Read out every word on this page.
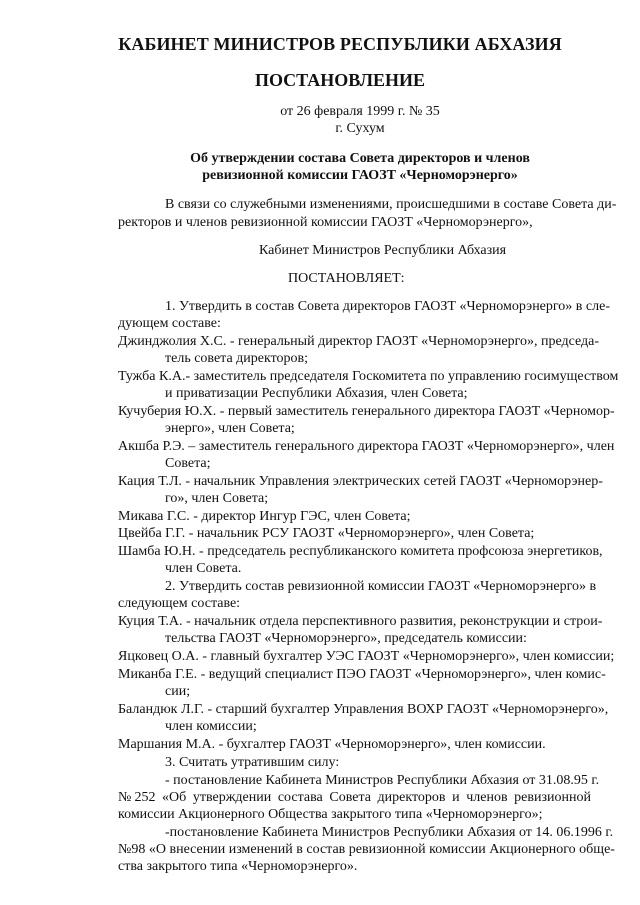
КАБИНЕТ МИНИСТРОВ РЕСПУБЛИКИ АБХАЗИЯ
ПОСТАНОВЛЕНИЕ
от 26 февраля 1999 г. № 35
г. Сухум
Об утверждении состава Совета директоров и членов
ревизионной комиссии ГАОЗТ «Черноморэнерго»
В связи со служебными изменениями, происшедшими в составе Совета ди-
ректоров и членов ревизионной комиссии ГАОЗТ «Черноморэнерго»,
Кабинет Министров Республики Абхазия
ПОСТАНОВЛЯЕТ:
1. Утвердить в состав Совета директоров ГАОЗТ «Черноморэнерго» в сле-
дующем составе:
Джинджолия Х.С. - генеральный директор ГАОЗТ «Черноморэнерго», председа-
тель совета директоров;
Тужба К.А.- заместитель председателя Госкомитета по управлению госимуществом
и приватизации Республики Абхазия, член Совета;
Кучуберия Ю.Х. - первый заместитель генерального директора ГАОЗТ «Черномор-
энерго», член Совета;
Акшба Р.Э. – заместитель генерального директора ГАОЗТ «Черноморэнерго», член
Совета;
Кация Т.Л. - начальник Управления электрических сетей ГАОЗТ «Черноморэнер-
го», член Совета;
Микава Г.С. - директор Ингур ГЭС, член Совета;
Цвейба Г.Г. - начальник РСУ ГАОЗТ «Черноморэнерго», член Совета;
Шамба Ю.Н. - председатель республиканского комитета профсоюза энергетиков,
член Совета.
2. Утвердить состав ревизионной комиссии ГАОЗТ «Черноморэнерго» в
следующем составе:
Куция Т.А. - начальник отдела перспективного развития, реконструкции и строи-
тельства ГАОЗТ «Черноморэнерго», председатель комиссии:
Яцковец О.А. - главный бухгалтер УЭС ГАОЗТ «Черноморэнерго», член комиссии;
Миканба Г.Е. - ведущий специалист ПЭО ГАОЗТ «Черноморэнерго», член комис-
сии;
Баландюк Л.Г. - старший бухгалтер Управления ВОХР ГАОЗТ «Черноморэнерго»,
член комиссии;
Маршания М.А. - бухгалтер ГАОЗТ «Черноморэнерго», член комиссии.
3. Считать утратившим силу:
- постановление Кабинета Министров Республики Абхазия от 31.08.95 г.
№252 «Об утверждении состава Совета директоров и членов ревизионной
комиссии Акционерного Общества закрытого типа «Черноморэнерго»;
-постановление Кабинета Министров Республики Абхазия от 14. 06.1996 г.
№98 «О внесении изменений в состав ревизионной комиссии Акционерного обще-
ства закрытого типа «Черноморэнерго».
